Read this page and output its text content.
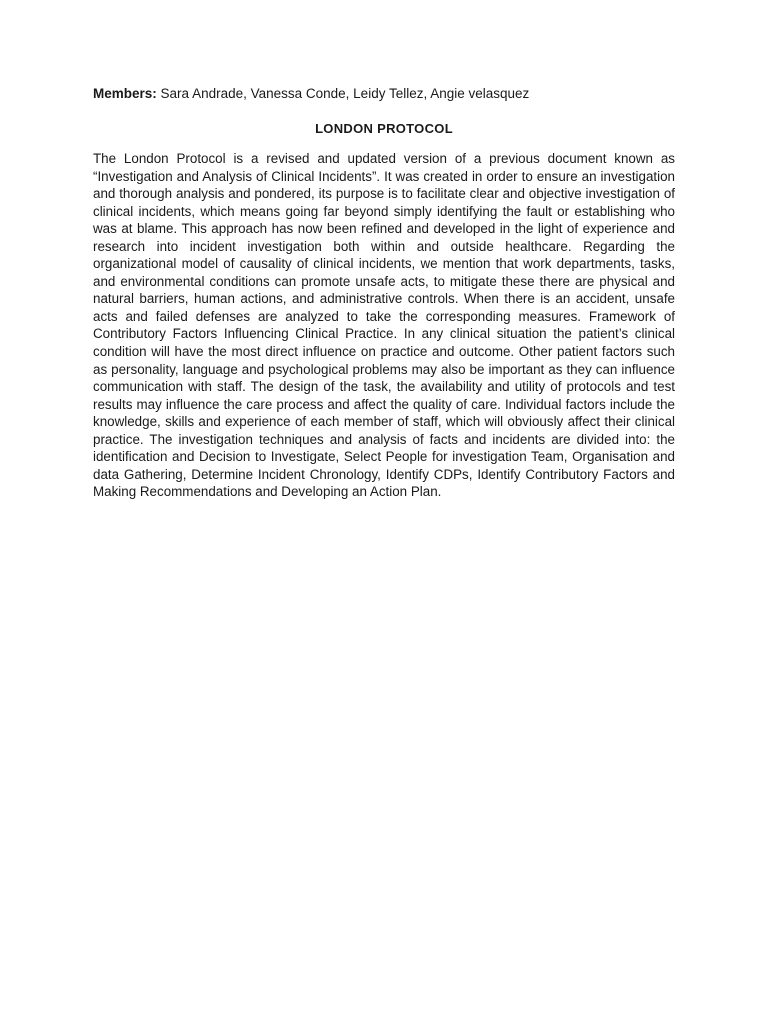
Members: Sara Andrade, Vanessa Conde, Leidy Tellez, Angie velasquez
LONDON PROTOCOL

The London Protocol is a revised and updated version of a previous document known as “Investigation and Analysis of Clinical Incidents”. It was created in order to ensure an investigation and thorough analysis and pondered, its purpose is to facilitate clear and objective investigation of clinical incidents, which means going far beyond simply identifying the fault or establishing who was at blame. This approach has now been refined and developed in the light of experience and research into incident investigation both within and outside healthcare. Regarding the organizational model of causality of clinical incidents, we mention that work departments, tasks, and environmental conditions can promote unsafe acts, to mitigate these there are physical and natural barriers, human actions, and administrative controls. When there is an accident, unsafe acts and failed defenses are analyzed to take the corresponding measures. Framework of Contributory Factors Influencing Clinical Practice. In any clinical situation the patient’s clinical condition will have the most direct influence on practice and outcome. Other patient factors such as personality, language and psychological problems may also be important as they can influence communication with staff. The design of the task, the availability and utility of protocols and test results may influence the care process and affect the quality of care. Individual factors include the knowledge, skills and experience of each member of staff, which will obviously affect their clinical practice. The investigation techniques and analysis of facts and incidents are divided into: the identification and Decision to Investigate, Select People for investigation Team, Organisation and data Gathering, Determine Incident Chronology, Identify CDPs, Identify Contributory Factors and Making Recommendations and Developing an Action Plan.
